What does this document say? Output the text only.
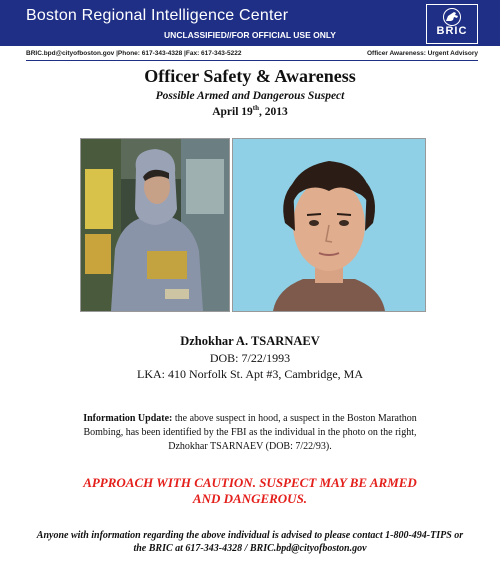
Boston Regional Intelligence Center
UNCLASSIFIED//FOR OFFICIAL USE ONLY	BRIC
BRIC.bpd@cityofboston.gov |Phone: 617-343-4328 |Fax: 617-343-5222	Officer Awareness: Urgent Advisory
Officer Safety & Awareness
Possible Armed and Dangerous Suspect
April 19th, 2013
Dzhokhar A. TSARNAEV
DOB: 7/22/1993
LKA: 410 Norfolk St. Apt #3, Cambridge, MA
Information Update: the above suspect in hood, a suspect in the Boston Marathon Bombing, has been identified by the FBI as the individual in the photo on the right, Dzhokhar TSARNAEV (DOB: 7/22/93).
APPROACH WITH CAUTION. SUSPECT MAY BE ARMED AND DANGEROUS.
Anyone with information regarding the above individual is advised to please contact 1-800-494-TIPS or the BRIC at 617-343-4328 / BRIC.bpd@cityofboston.gov
